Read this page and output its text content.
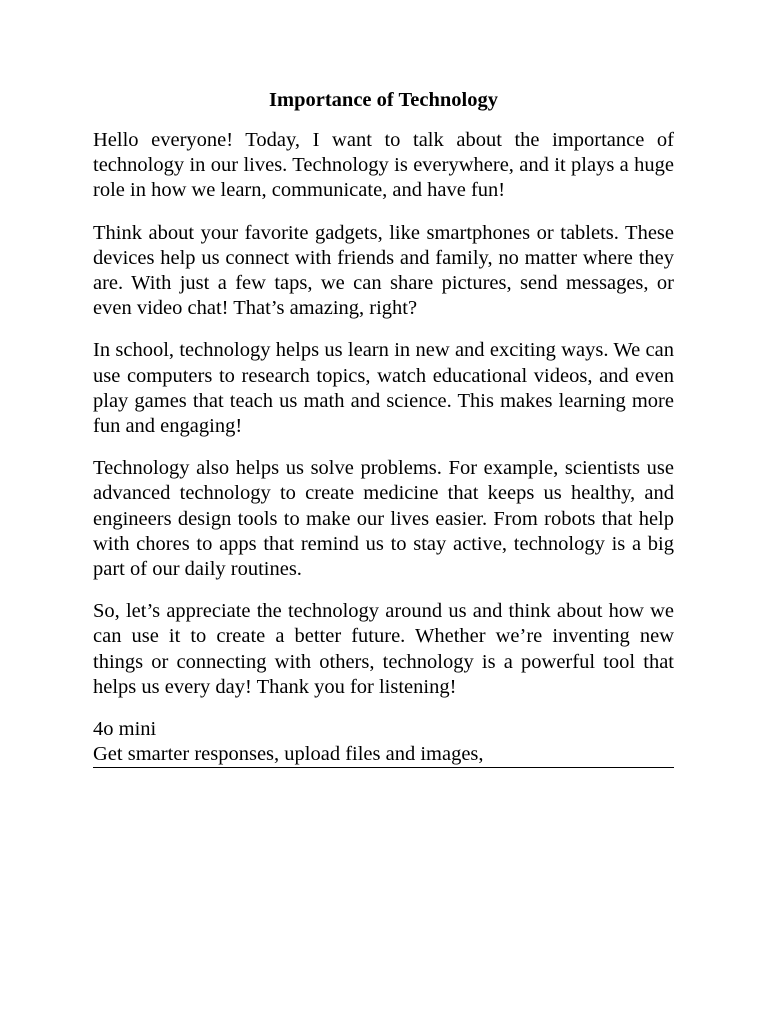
Importance of Technology

Hello everyone! Today, I want to talk about the importance of technology in our lives. Technology is everywhere, and it plays a huge role in how we learn, communicate, and have fun!

Think about your favorite gadgets, like smartphones or tablets. These devices help us connect with friends and family, no matter where they are. With just a few taps, we can share pictures, send messages, or even video chat! That’s amazing, right?

In school, technology helps us learn in new and exciting ways. We can use computers to research topics, watch educational videos, and even play games that teach us math and science. This makes learning more fun and engaging!

Technology also helps us solve problems. For example, scientists use advanced technology to create medicine that keeps us healthy, and engineers design tools to make our lives easier. From robots that help with chores to apps that remind us to stay active, technology is a big part of our daily routines.

So, let’s appreciate the technology around us and think about how we can use it to create a better future. Whether we’re inventing new things or connecting with others, technology is a powerful tool that helps us every day! Thank you for listening!

4o mini
Get smarter responses, upload files and images,
